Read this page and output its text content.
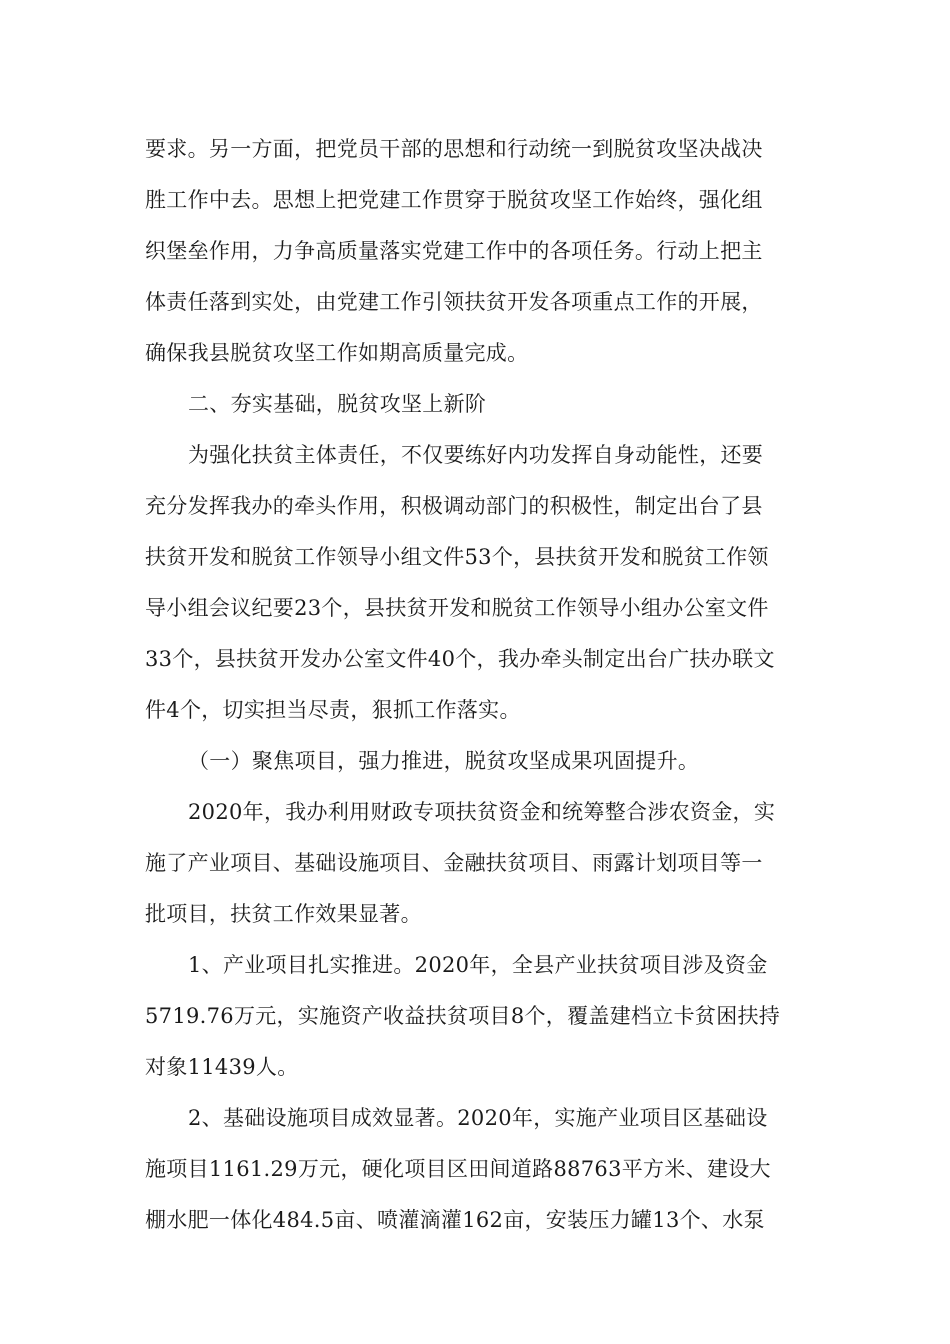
要求。另一方面，把党员干部的思想和行动统一到脱贫攻坚决战决
胜工作中去。思想上把党建工作贯穿于脱贫攻坚工作始终，强化组
织堡垒作用，力争高质量落实党建工作中的各项任务。行动上把主
体责任落到实处，由党建工作引领扶贫开发各项重点工作的开展，
确保我县脱贫攻坚工作如期高质量完成。
二、夯实基础，脱贫攻坚上新阶
为强化扶贫主体责任，不仅要练好内功发挥自身动能性，还要
充分发挥我办的牵头作用，积极调动部门的积极性，制定出台了县
扶贫开发和脱贫工作领导小组文件53个，县扶贫开发和脱贫工作领
导小组会议纪要23个，县扶贫开发和脱贫工作领导小组办公室文件
33个，县扶贫开发办公室文件40个，我办牵头制定出台广扶办联文
件4个，切实担当尽责，狠抓工作落实。
（一）聚焦项目，强力推进，脱贫攻坚成果巩固提升。
2020年，我办利用财政专项扶贫资金和统筹整合涉农资金，实
施了产业项目、基础设施项目、金融扶贫项目、雨露计划项目等一
批项目，扶贫工作效果显著。
1、产业项目扎实推进。2020年，全县产业扶贫项目涉及资金
5719.76万元，实施资产收益扶贫项目8个，覆盖建档立卡贫困扶持
对象11439人。
2、基础设施项目成效显著。2020年，实施产业项目区基础设
施项目1161.29万元，硬化项目区田间道路88763平方米、建设大
棚水肥一体化484.5亩、喷灌滴灌162亩，安装压力罐13个、水泵
